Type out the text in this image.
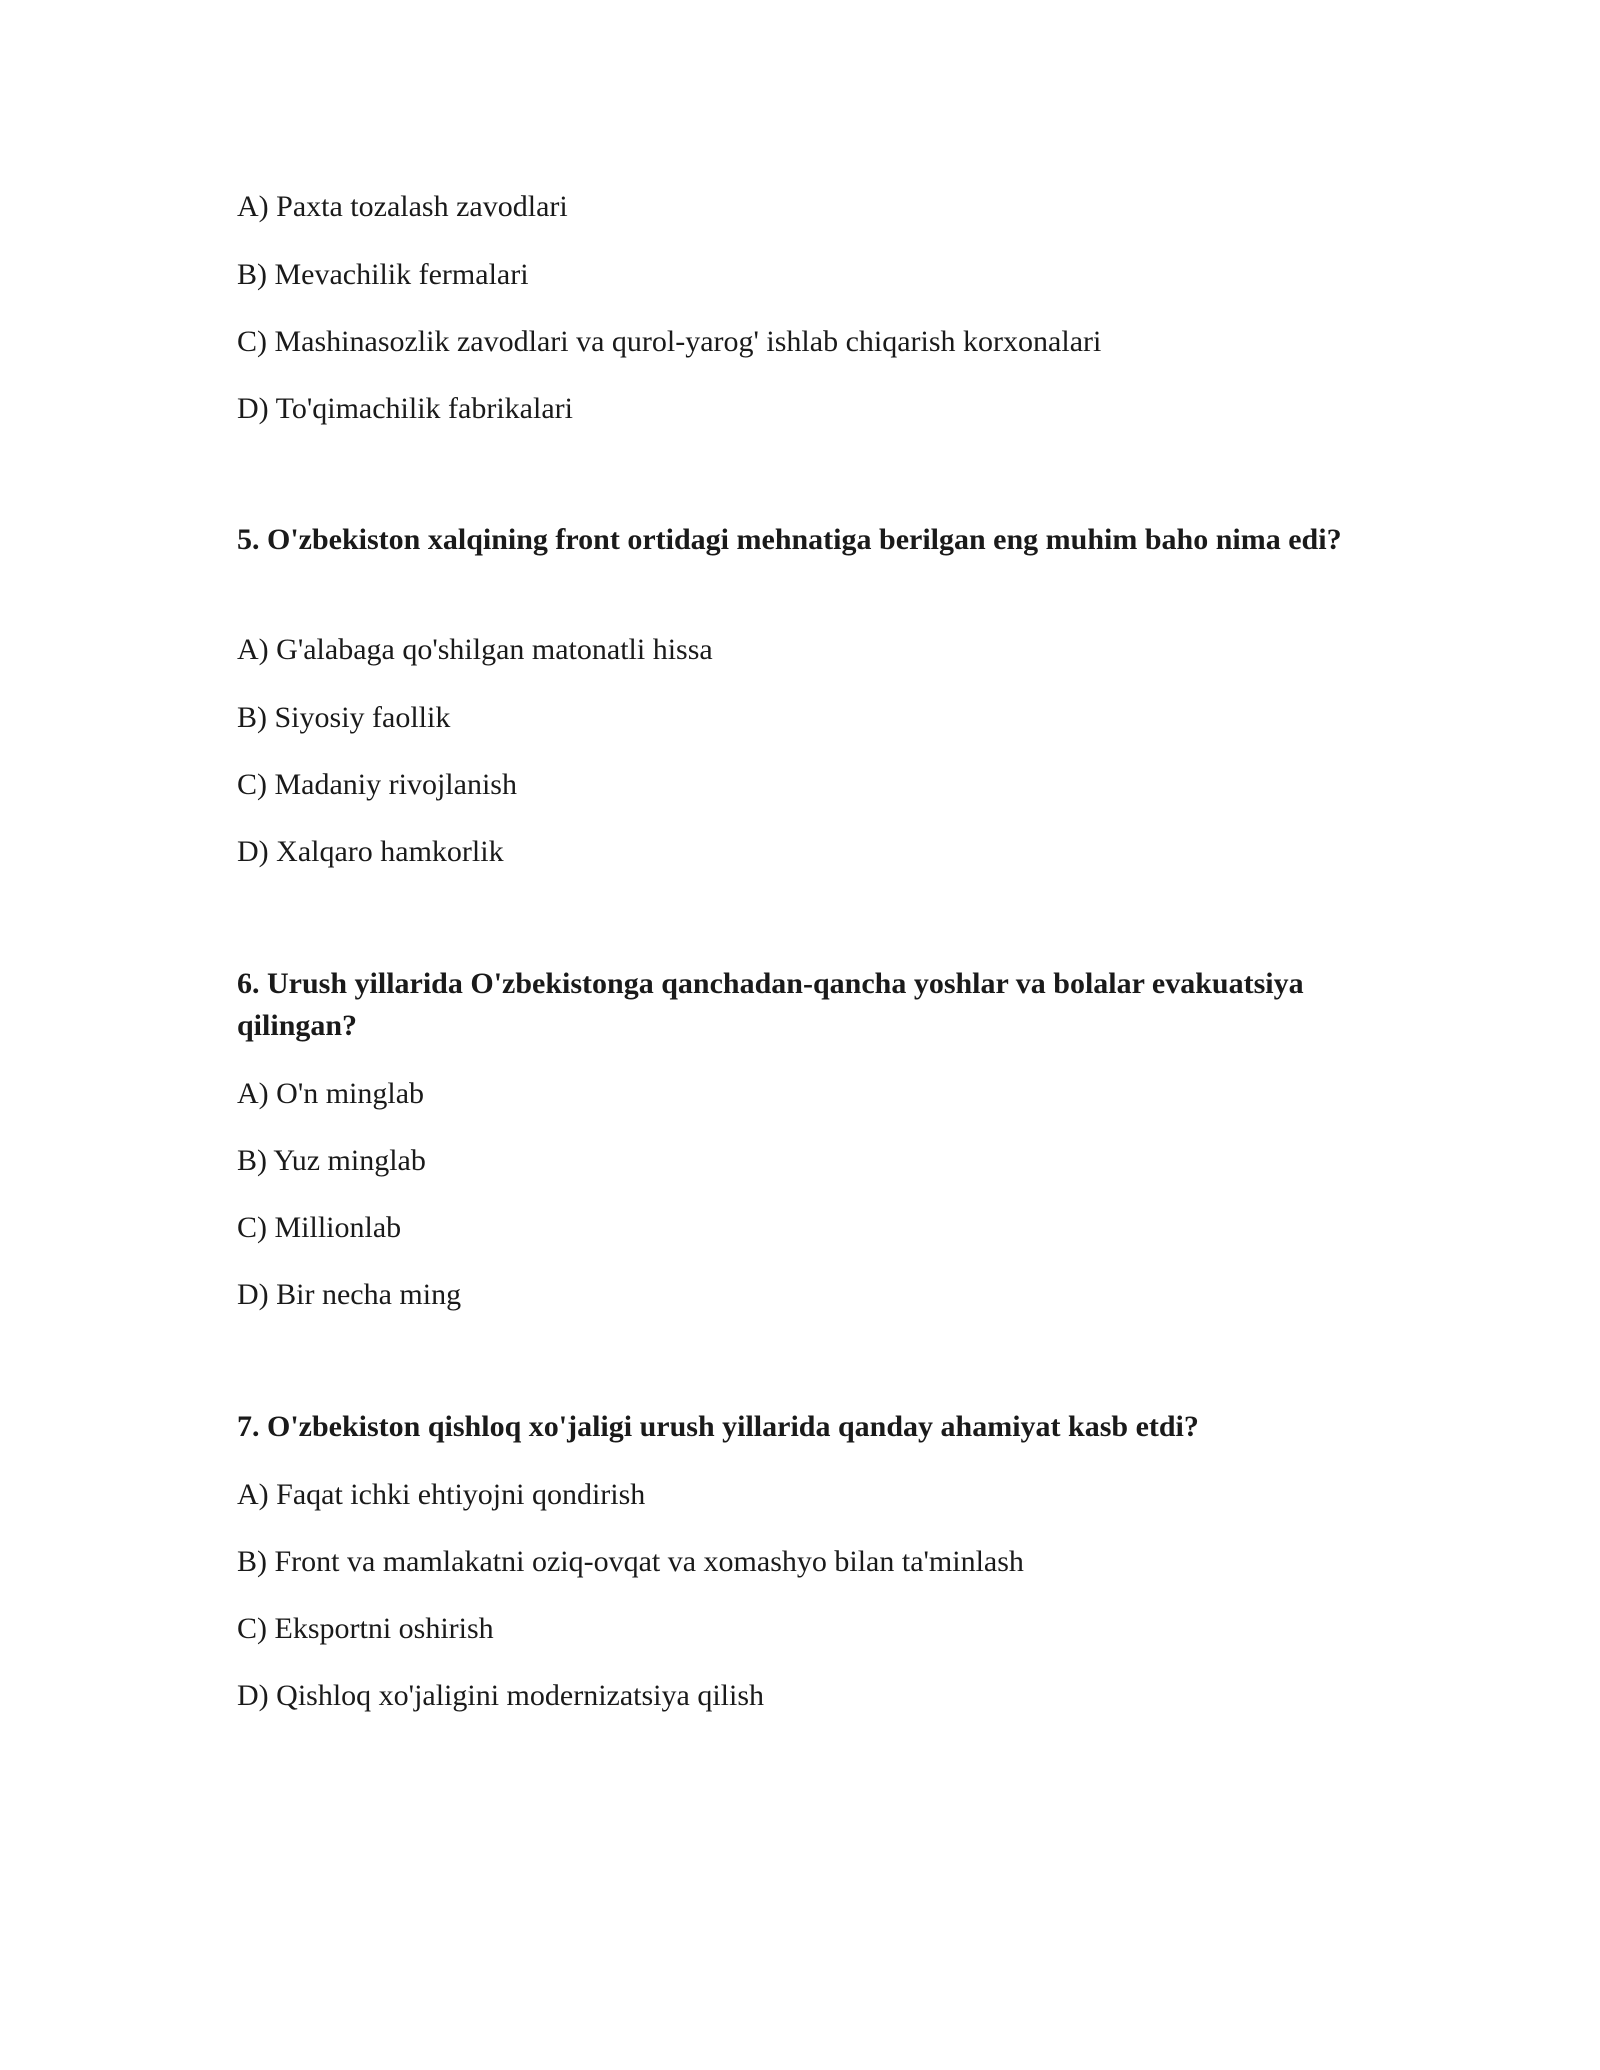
A) Paxta tozalash zavodlari
B) Mevachilik fermalari
C) Mashinasozlik zavodlari va qurol-yarog' ishlab chiqarish korxonalari
D) To'qimachilik fabrikalari
5. O'zbekiston xalqining front ortidagi mehnatiga berilgan eng muhim baho nima edi?
A) G'alabaga qo'shilgan matonatli hissa
B) Siyosiy faollik
C) Madaniy rivojlanish
D) Xalqaro hamkorlik
6. Urush yillarida O'zbekistonga qanchadan-qancha yoshlar va bolalar evakuatsiya qilingan?
A) O'n minglab
B) Yuz minglab
C) Millionlab
D) Bir necha ming
7. O'zbekiston qishloq xo'jaligi urush yillarida qanday ahamiyat kasb etdi?
A) Faqat ichki ehtiyojni qondirish
B) Front va mamlakatni oziq-ovqat va xomashyo bilan ta'minlash
C) Eksportni oshirish
D) Qishloq xo'jaligini modernizatsiya qilish
